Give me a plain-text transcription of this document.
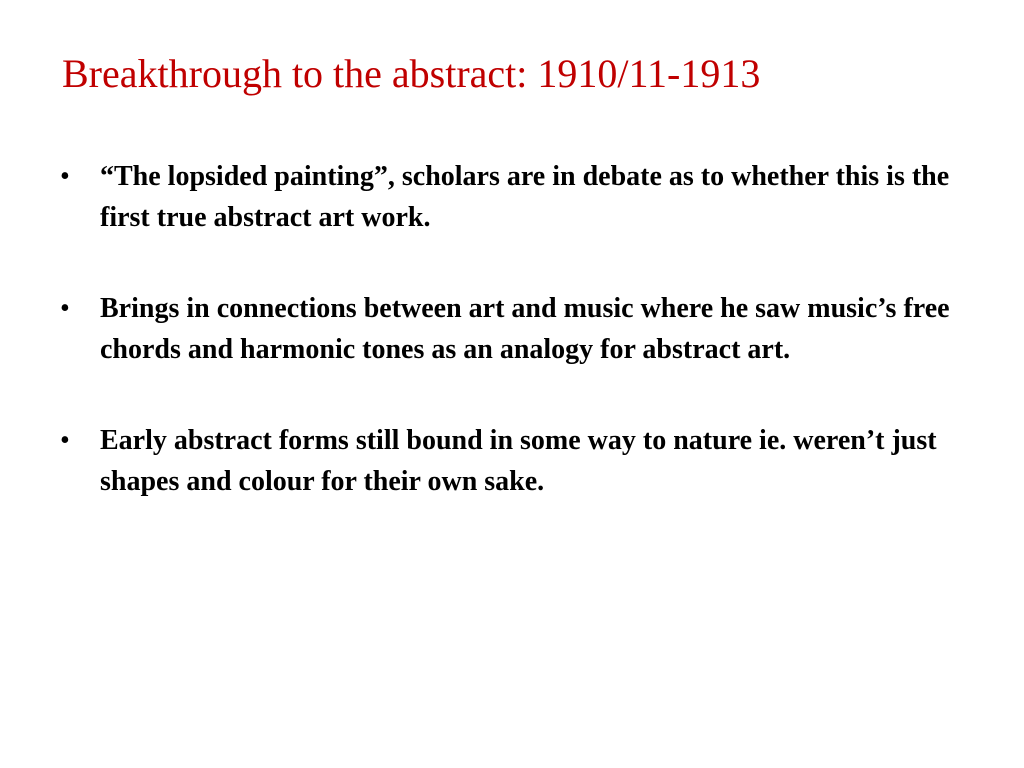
Breakthrough to the abstract: 1910/11-1913
• “The lopsided painting”, scholars are in debate as to whether this is the first true abstract art work.
• Brings in connections between art and music where he saw music’s free chords and harmonic tones as an analogy for abstract art.
• Early abstract forms still bound in some way to nature ie. weren’t just shapes and colour for their own sake.
